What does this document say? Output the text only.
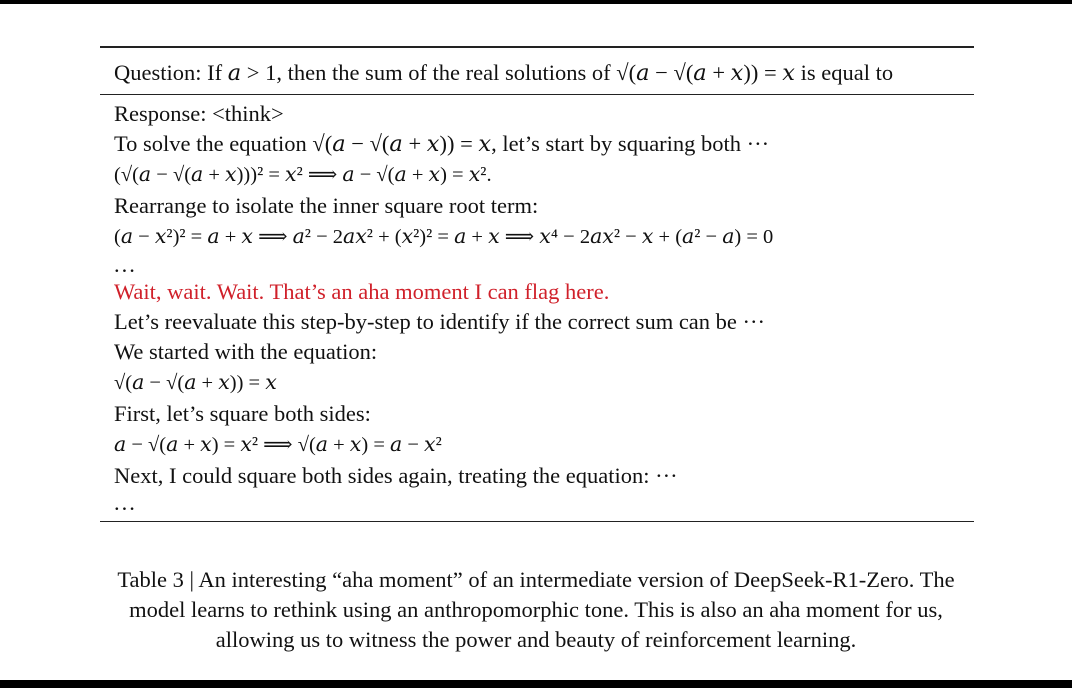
Question: If 𝑎 > 1, then the sum of the real solutions of √(𝑎 − √(𝑎 + 𝑥)) = 𝑥 is equal to
Response: <think>
To solve the equation √(𝑎 − √(𝑎 + 𝑥)) = 𝑥, let’s start by squaring both ···
(√(𝑎 − √(𝑎 + 𝑥)))² = 𝑥² ⟹ 𝑎 − √(𝑎 + 𝑥) = 𝑥².
Rearrange to isolate the inner square root term:
(𝑎 − 𝑥²)² = 𝑎 + 𝑥 ⟹ 𝑎² − 2𝑎𝑥² + (𝑥²)² = 𝑎 + 𝑥 ⟹ 𝑥⁴ − 2𝑎𝑥² − 𝑥 + (𝑎² − 𝑎) = 0
...
Wait, wait. Wait. That’s an aha moment I can flag here.
Let’s reevaluate this step-by-step to identify if the correct sum can be ···
We started with the equation:
√(𝑎 − √(𝑎 + 𝑥)) = 𝑥
First, let’s square both sides:
𝑎 − √(𝑎 + 𝑥) = 𝑥² ⟹ √(𝑎 + 𝑥) = 𝑎 − 𝑥²
Next, I could square both sides again, treating the equation: ···
...
Table 3 | An interesting “aha moment” of an intermediate version of DeepSeek-R1-Zero. The
model learns to rethink using an anthropomorphic tone. This is also an aha moment for us,
allowing us to witness the power and beauty of reinforcement learning.
